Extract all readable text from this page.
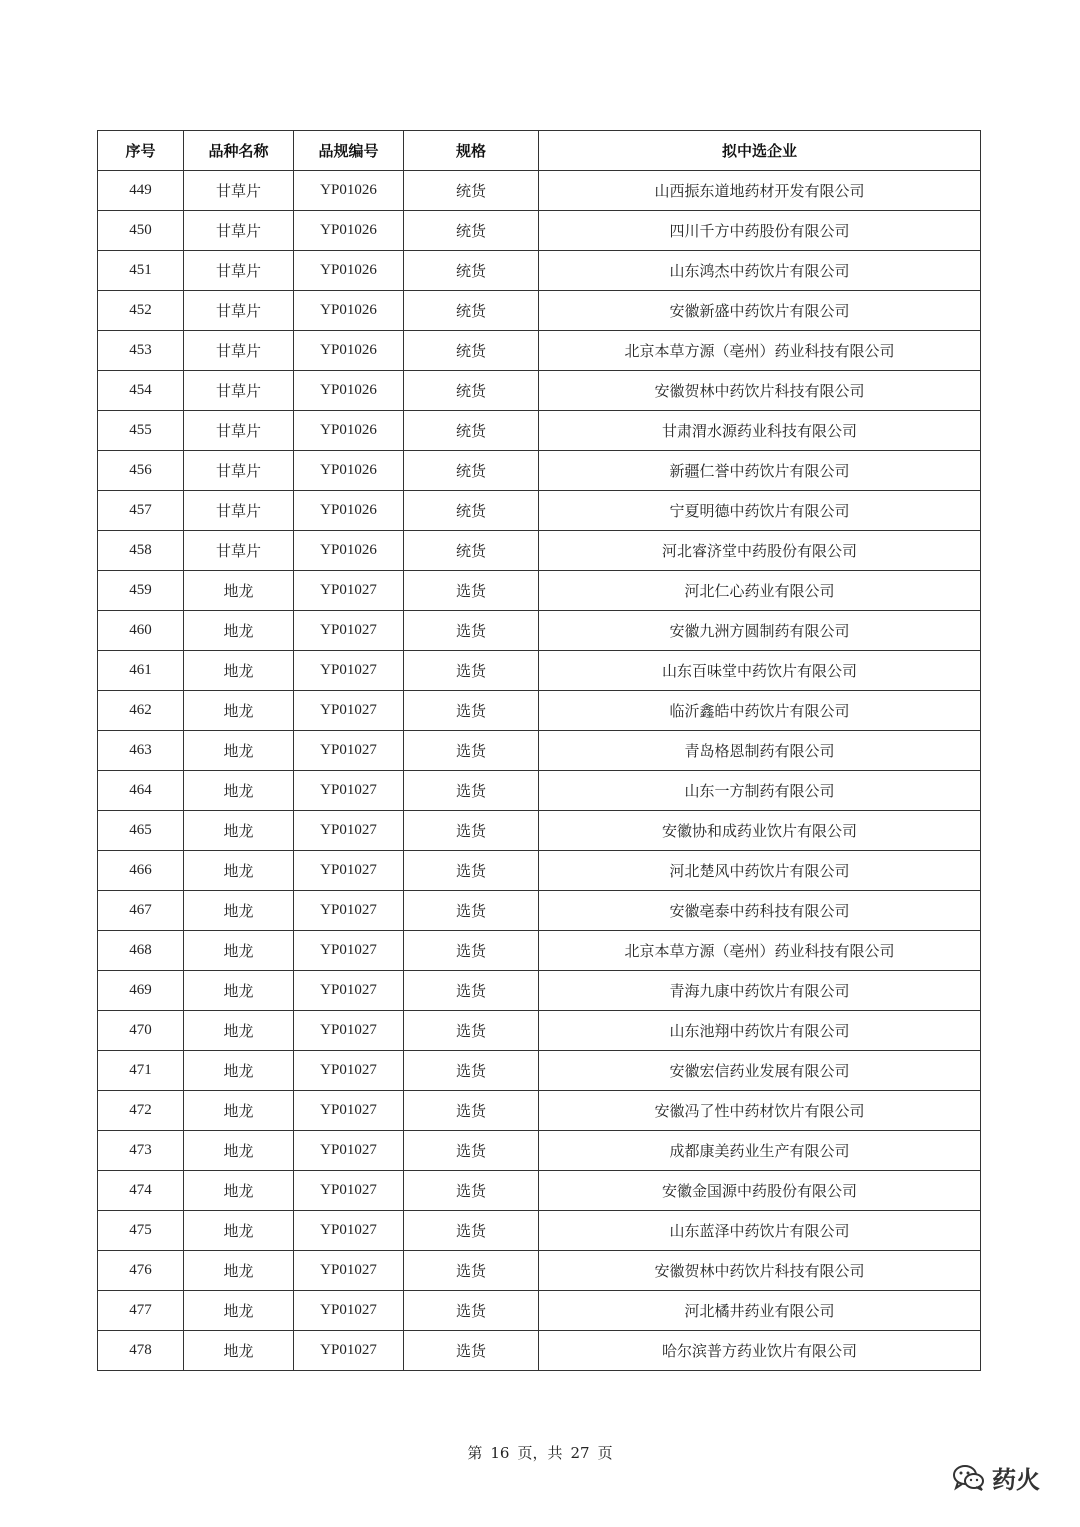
序号	品种名称	品规编号	规格	拟中选企业
449	甘草片	YP01026	统货	山西振东道地药材开发有限公司
450	甘草片	YP01026	统货	四川千方中药股份有限公司
451	甘草片	YP01026	统货	山东鸿杰中药饮片有限公司
452	甘草片	YP01026	统货	安徽新盛中药饮片有限公司
453	甘草片	YP01026	统货	北京本草方源（亳州）药业科技有限公司
454	甘草片	YP01026	统货	安徽贺林中药饮片科技有限公司
455	甘草片	YP01026	统货	甘肃渭水源药业科技有限公司
456	甘草片	YP01026	统货	新疆仁誉中药饮片有限公司
457	甘草片	YP01026	统货	宁夏明德中药饮片有限公司
458	甘草片	YP01026	统货	河北睿济堂中药股份有限公司
459	地龙	YP01027	选货	河北仁心药业有限公司
460	地龙	YP01027	选货	安徽九洲方圆制药有限公司
461	地龙	YP01027	选货	山东百味堂中药饮片有限公司
462	地龙	YP01027	选货	临沂鑫皓中药饮片有限公司
463	地龙	YP01027	选货	青岛格恩制药有限公司
464	地龙	YP01027	选货	山东一方制药有限公司
465	地龙	YP01027	选货	安徽协和成药业饮片有限公司
466	地龙	YP01027	选货	河北楚风中药饮片有限公司
467	地龙	YP01027	选货	安徽亳泰中药科技有限公司
468	地龙	YP01027	选货	北京本草方源（亳州）药业科技有限公司
469	地龙	YP01027	选货	青海九康中药饮片有限公司
470	地龙	YP01027	选货	山东池翔中药饮片有限公司
471	地龙	YP01027	选货	安徽宏信药业发展有限公司
472	地龙	YP01027	选货	安徽冯了性中药材饮片有限公司
473	地龙	YP01027	选货	成都康美药业生产有限公司
474	地龙	YP01027	选货	安徽金国源中药股份有限公司
475	地龙	YP01027	选货	山东蓝泽中药饮片有限公司
476	地龙	YP01027	选货	安徽贺林中药饮片科技有限公司
477	地龙	YP01027	选货	河北橘井药业有限公司
478	地龙	YP01027	选货	哈尔滨普方药业饮片有限公司
第 16 页，共 27 页
药火
